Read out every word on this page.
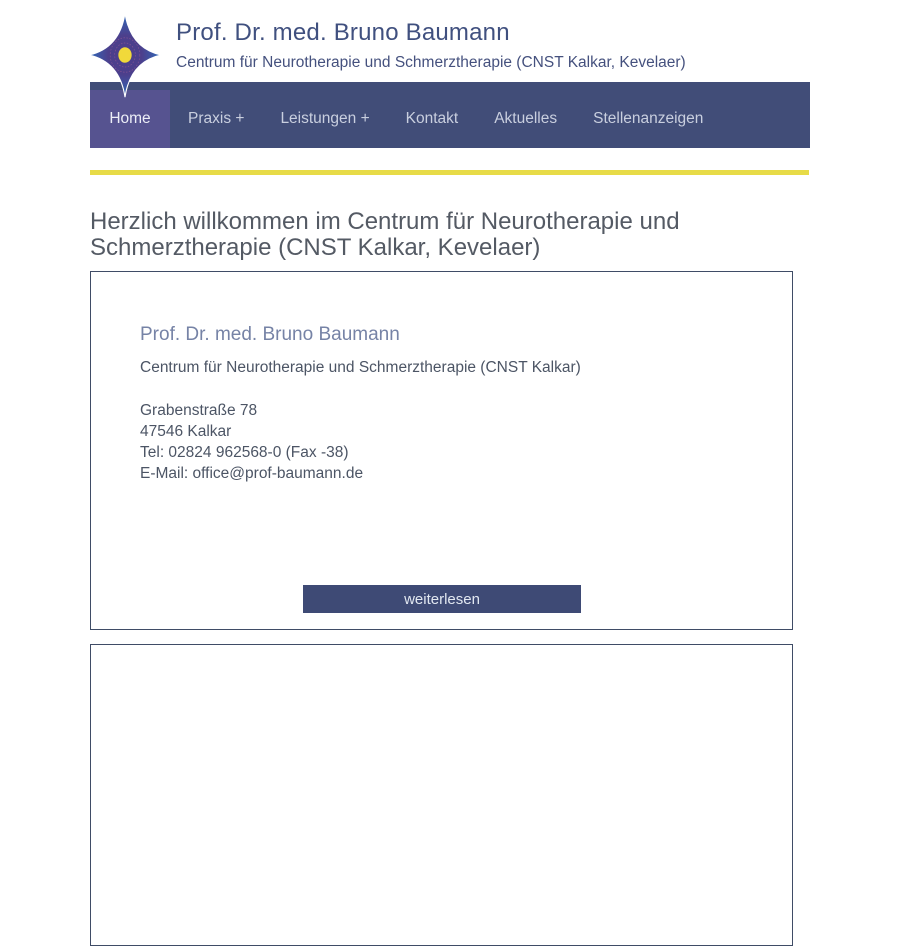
Prof. Dr. med. Bruno Baumann
Centrum für Neurotherapie und Schmerztherapie (CNST Kalkar, Kevelaer)
Home	Praxis +	Leistungen +	Kontakt	Aktuelles	Stellenanzeigen
Herzlich willkommen im Centrum für Neurotherapie und
Schmerztherapie (CNST Kalkar, Kevelaer)
Prof. Dr. med. Bruno Baumann
Centrum für Neurotherapie und Schmerztherapie (CNST Kalkar)
Grabenstraße 78
47546 Kalkar
Tel: 02824 962568-0 (Fax -38)
E-Mail: office@prof-baumann.de
weiterlesen
